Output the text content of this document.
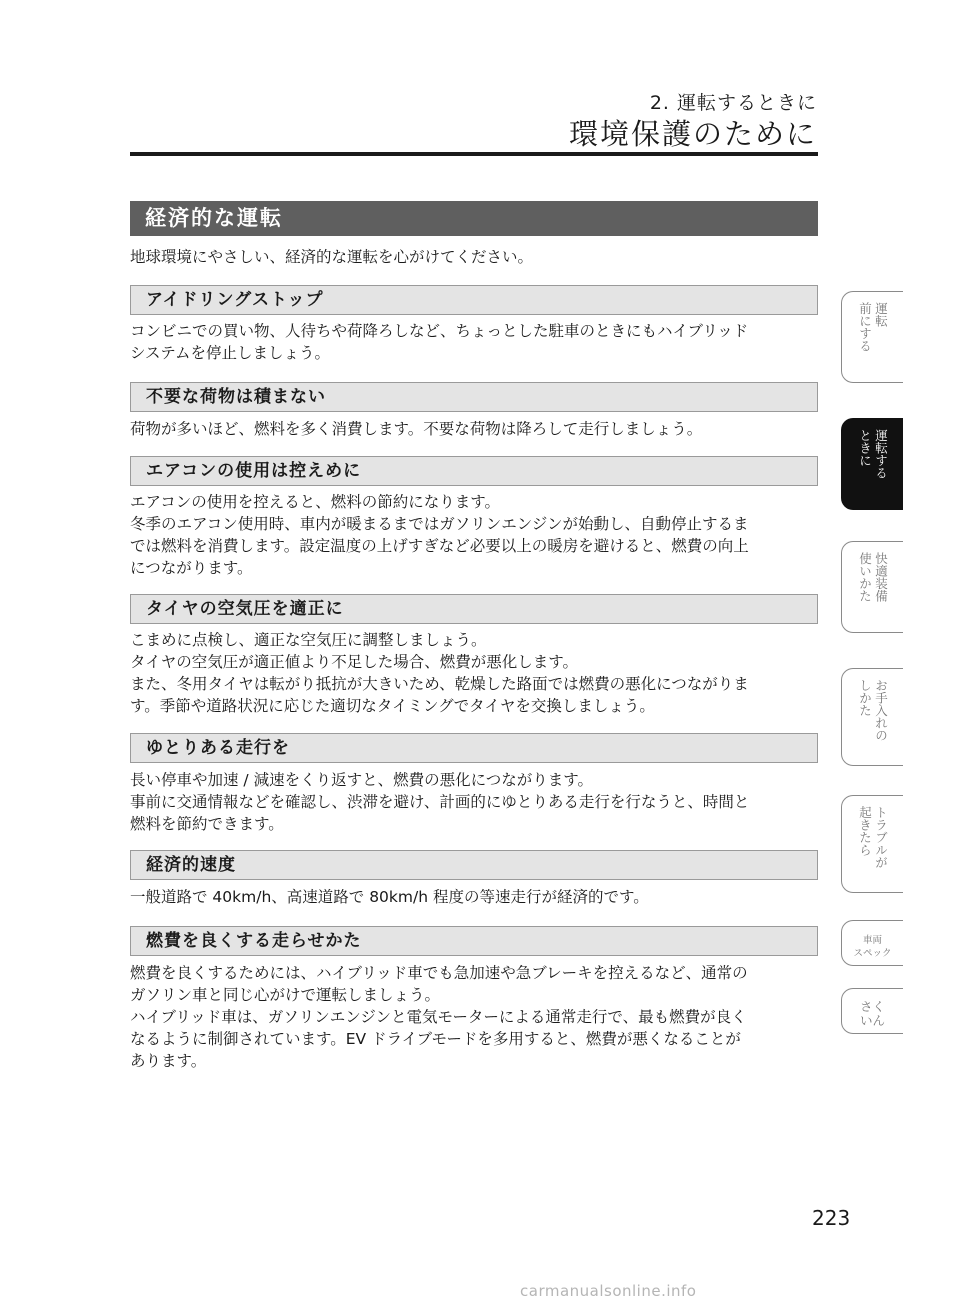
2. 運転するときに
環境保護のために
経済的な運転

地球環境にやさしい、経済的な運転を心がけてください。

アイドリングストップ

コンビニでの買い物、人待ちや荷降ろしなど、ちょっとした駐車のときにもハイブリッド
システムを停止しましょう。

不要な荷物は積まない

荷物が多いほど、燃料を多く消費します。不要な荷物は降ろして走行しましょう。

エアコンの使用は控えめに

エアコンの使用を控えると、燃料の節約になります。
冬季のエアコン使用時、車内が暖まるまではガソリンエンジンが始動し、自動停止するま
では燃料を消費します。設定温度の上げすぎなど必要以上の暖房を避けると、燃費の向上
につながります。

タイヤの空気圧を適正に

こまめに点検し、適正な空気圧に調整しましょう。
タイヤの空気圧が適正値より不足した場合、燃費が悪化します。
また、冬用タイヤは転がり抵抗が大きいため、乾燥した路面では燃費の悪化につながりま
す。季節や道路状況に応じた適切なタイミングでタイヤを交換しましょう。

ゆとりある走行を

長い停車や加速 / 減速をくり返すと、燃費の悪化につながります。
事前に交通情報などを確認し、渋滞を避け、計画的にゆとりある走行を行なうと、時間と
燃料を節約できます。

経済的速度

一般道路で 40km/h、高速道路で 80km/h 程度の等速走行が経済的です。

燃費を良くする走らせかた

燃費を良くするためには、ハイブリッド車でも急加速や急ブレーキを控えるなど、通常の
ガソリン車と同じ心がけで運転しましょう。
ハイブリッド車は、ガソリンエンジンと電気モーターによる通常走行で、最も燃費が良く
なるように制御されています。EV ドライブモードを多用すると、燃費が悪くなることが
あります。

223
運転
前にする
運転する
ときに
快適装備
使いかた
お手入れの
しかた
トラブルが
起きたら
車両
スペック
さく
いん
carmanualsonline.info
